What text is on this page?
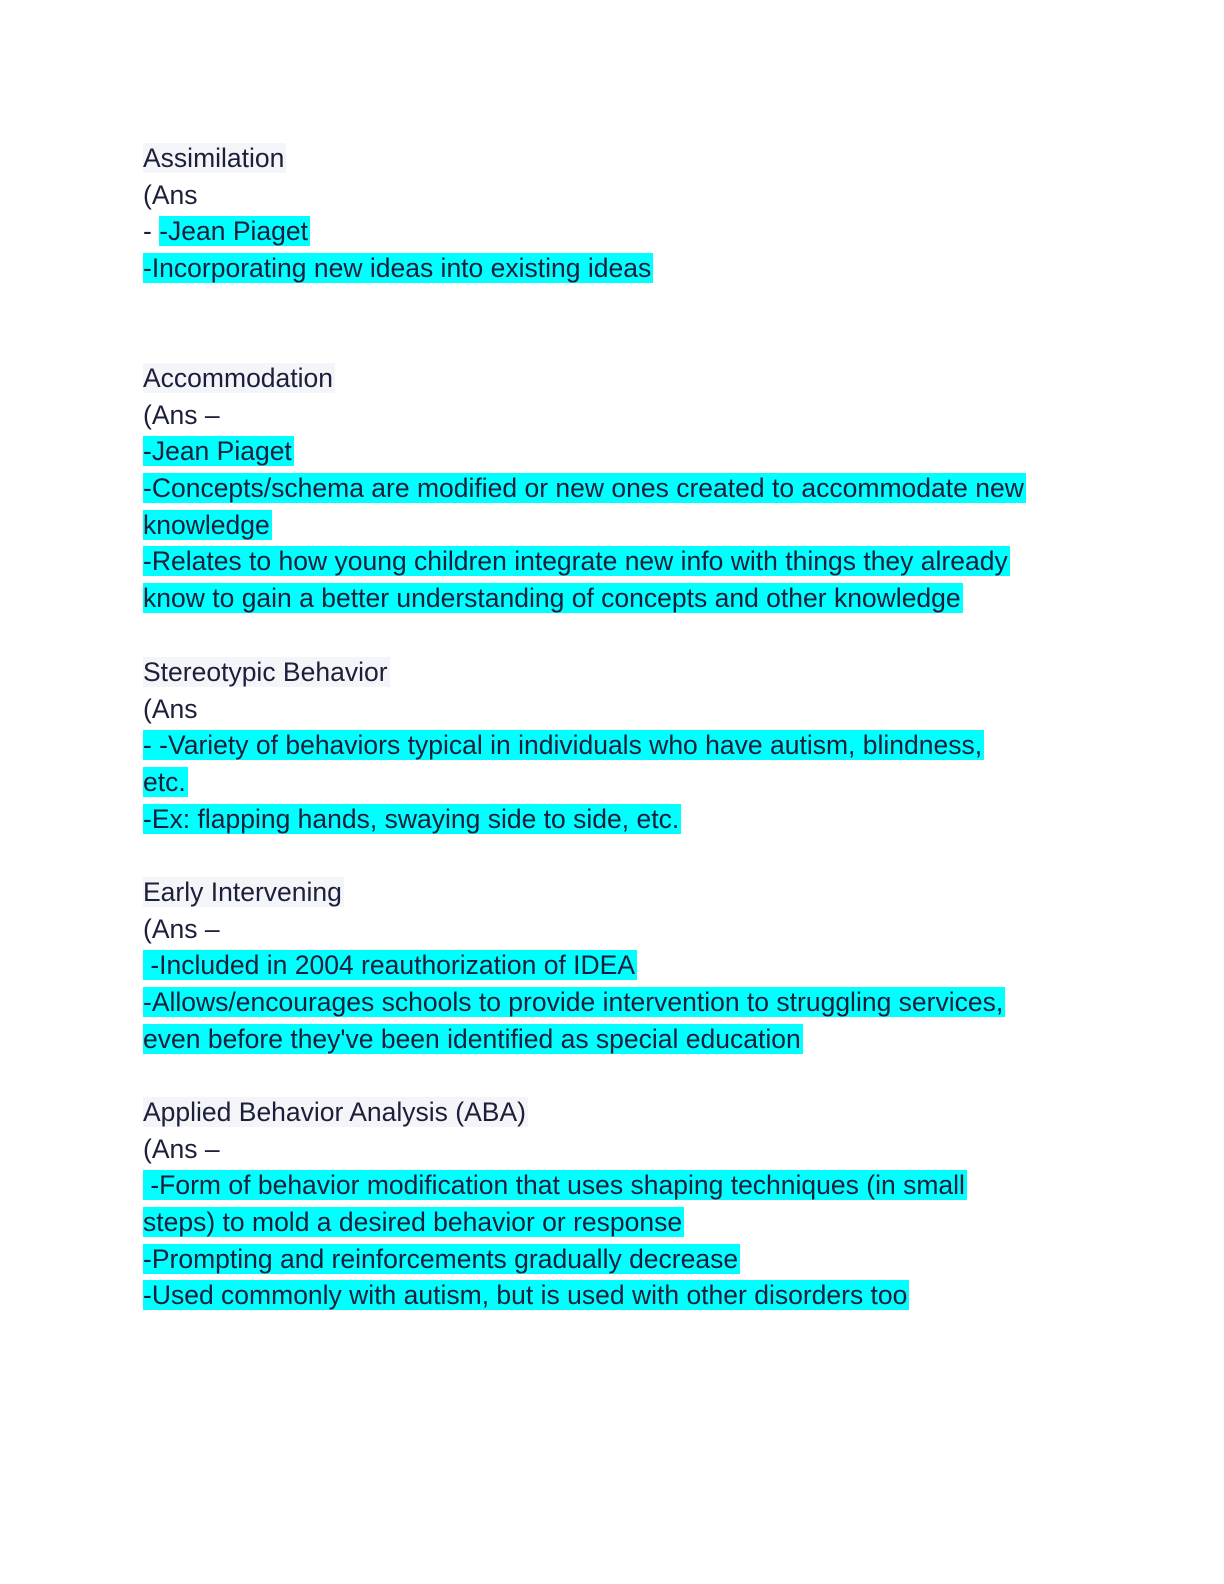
Assimilation
(Ans
- -Jean Piaget
-Incorporating new ideas into existing ideas
Accommodation
(Ans –
-Jean Piaget
-Concepts/schema are modified or new ones created to accommodate new
knowledge
-Relates to how young children integrate new info with things they already
know to gain a better understanding of concepts and other knowledge
Stereotypic Behavior
(Ans
- -Variety of behaviors typical in individuals who have autism, blindness,
etc.
-Ex: flapping hands, swaying side to side, etc.
Early Intervening
(Ans –
-Included in 2004 reauthorization of IDEA
-Allows/encourages schools to provide intervention to struggling services,
even before they've been identified as special education
Applied Behavior Analysis (ABA)
(Ans –
-Form of behavior modification that uses shaping techniques (in small
steps) to mold a desired behavior or response
-Prompting and reinforcements gradually decrease
-Used commonly with autism, but is used with other disorders too
